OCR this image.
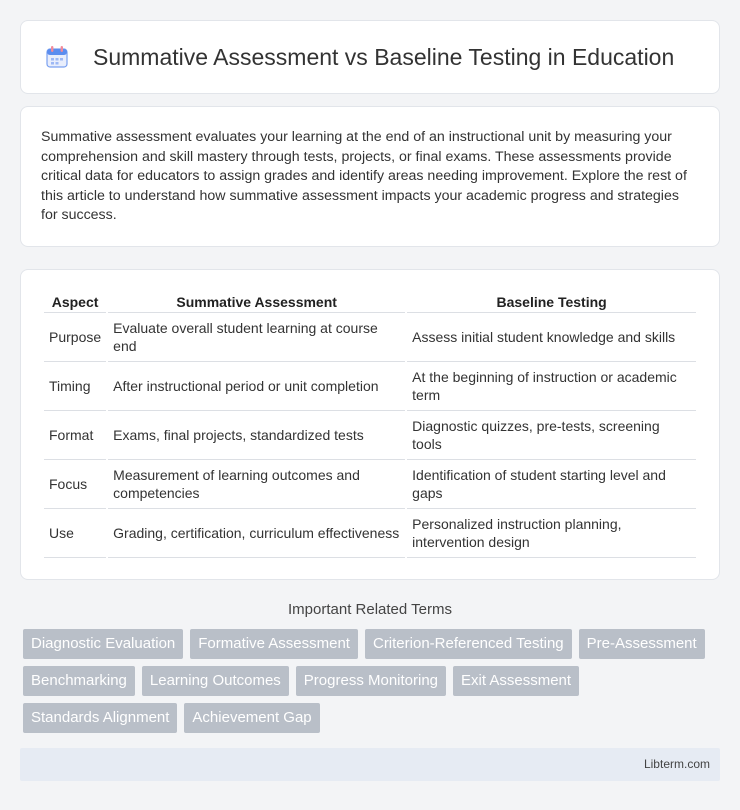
Summative Assessment vs Baseline Testing in Education

Summative assessment evaluates your learning at the end of an instructional unit by measuring your comprehension and skill mastery through tests, projects, or final exams. These assessments provide critical data for educators to assign grades and identify areas needing improvement. Explore the rest of this article to understand how summative assessment impacts your academic progress and strategies for success.

Aspect	Summative Assessment	Baseline Testing
Purpose	Evaluate overall student learning at course end	Assess initial student knowledge and skills
Timing	After instructional period or unit completion	At the beginning of instruction or academic term
Format	Exams, final projects, standardized tests	Diagnostic quizzes, pre-tests, screening tools
Focus	Measurement of learning outcomes and competencies	Identification of student starting level and gaps
Use	Grading, certification, curriculum effectiveness	Personalized instruction planning, intervention design
Important Related Terms
Diagnostic Evaluation	Formative Assessment	Criterion-Referenced Testing	Pre-Assessment
Benchmarking	Learning Outcomes	Progress Monitoring	Exit Assessment
Standards Alignment	Achievement Gap
Libterm.com
